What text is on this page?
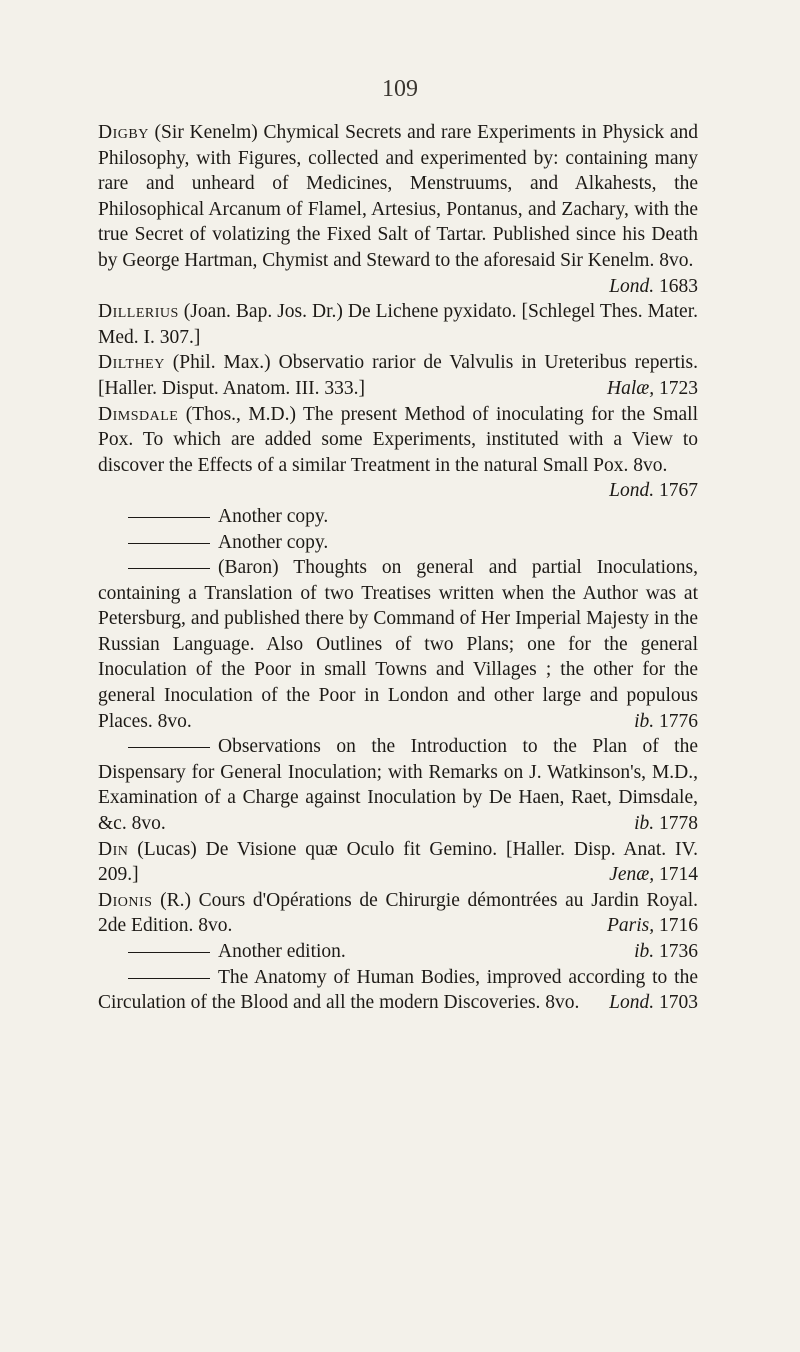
109

Digby (Sir Kenelm) Chymical Secrets and rare Experiments in Physick and Philosophy, with Figures, collected and experimented by: containing many rare and unheard of Medicines, Menstruums, and Alkahests, the Philosophical Arcanum of Flamel, Artesius, Pontanus, and Zachary, with the true Secret of volatizing the Fixed Salt of Tartar. Published since his Death by George Hartman, Chymist and Steward to the aforesaid Sir Kenelm. 8vo.
Lond. 1683

Dillerius (Joan. Bap. Jos. Dr.) De Lichene pyxidato. [Schlegel Thes. Mater. Med. I. 307.]

Dilthey (Phil. Max.) Observatio rarior de Valvulis in Ureteribus repertis. [Haller. Disput. Anatom. III. 333.]	Halæ, 1723

Dimsdale (Thos., M.D.) The present Method of inoculating for the Small Pox. To which are added some Experiments, instituted with a View to discover the Effects of a similar Treatment in the natural Small Pox. 8vo.
Lond. 1767

Another copy.

Another copy.

(Baron) Thoughts on general and partial Inoculations, containing a Translation of two Treatises written when the Author was at Petersburg, and published there by Command of Her Imperial Majesty in the Russian Language. Also Outlines of two Plans; one for the general Inoculation of the Poor in small Towns and Villages ; the other for the general Inoculation of the Poor in London and other large and populous Places. 8vo.	ib. 1776

Observations on the Introduction to the Plan of the Dispensary for General Inoculation; with Remarks on J. Watkinson's, M.D., Examination of a Charge against Inoculation by De Haen, Raet, Dimsdale, &c. 8vo.	ib. 1778

Din (Lucas) De Visione quæ Oculo fit Gemino. [Haller. Disp. Anat. IV. 209.]	Jenæ, 1714

Dionis (R.) Cours d'Opérations de Chirurgie démontrées au Jardin Royal. 2de Edition. 8vo.	Paris, 1716

Another edition.	ib. 1736

The Anatomy of Human Bodies, improved according to the Circulation of the Blood and all the modern Discoveries. 8vo. Lond. 1703
